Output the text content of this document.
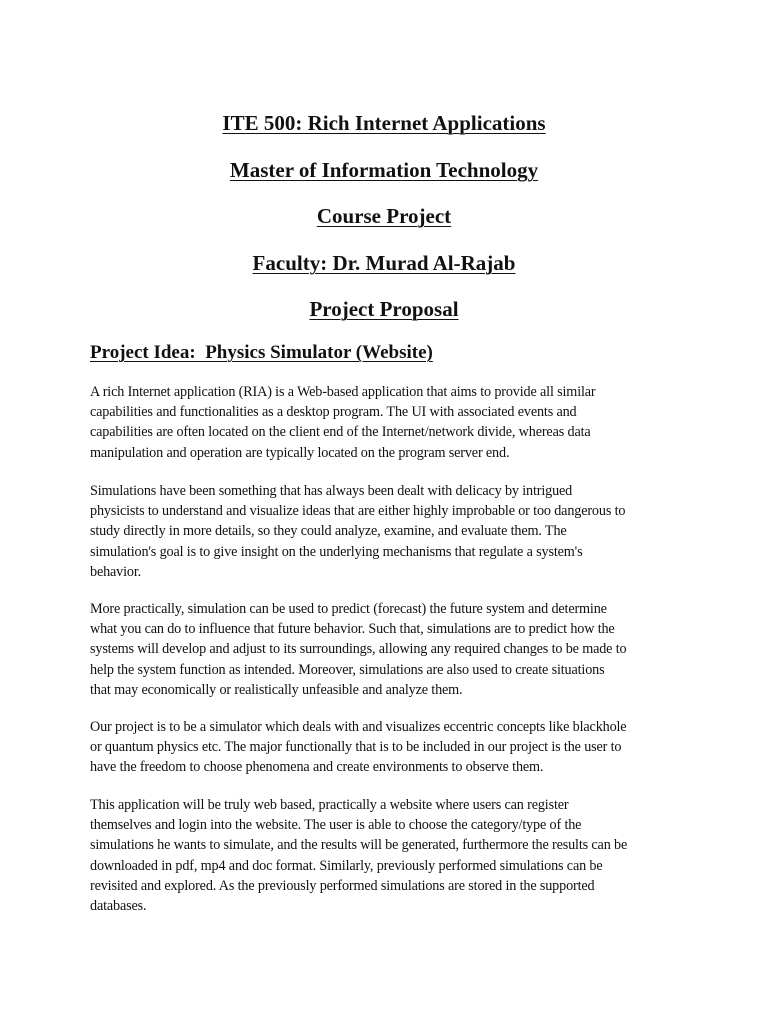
ITE 500: Rich Internet Applications
Master of Information Technology
Course Project
Faculty: Dr. Murad Al-Rajab
Project Proposal
Project Idea:  Physics Simulator (Website)

A rich Internet application (RIA) is a Web-based application that aims to provide all similar
capabilities and functionalities as a desktop program. The UI with associated events and
capabilities are often located on the client end of the Internet/network divide, whereas data
manipulation and operation are typically located on the program server end.

Simulations have been something that has always been dealt with delicacy by intrigued
physicists to understand and visualize ideas that are either highly improbable or too dangerous to
study directly in more details, so they could analyze, examine, and evaluate them. The
simulation's goal is to give insight on the underlying mechanisms that regulate a system's
behavior.

More practically, simulation can be used to predict (forecast) the future system and determine
what you can do to influence that future behavior. Such that, simulations are to predict how the
systems will develop and adjust to its surroundings, allowing any required changes to be made to
help the system function as intended. Moreover, simulations are also used to create situations
that may economically or realistically unfeasible and analyze them.

Our project is to be a simulator which deals with and visualizes eccentric concepts like blackhole
or quantum physics etc. The major functionally that is to be included in our project is the user to
have the freedom to choose phenomena and create environments to observe them.

This application will be truly web based, practically a website where users can register
themselves and login into the website. The user is able to choose the category/type of the
simulations he wants to simulate, and the results will be generated, furthermore the results can be
downloaded in pdf, mp4 and doc format. Similarly, previously performed simulations can be
revisited and explored. As the previously performed simulations are stored in the supported
databases.
